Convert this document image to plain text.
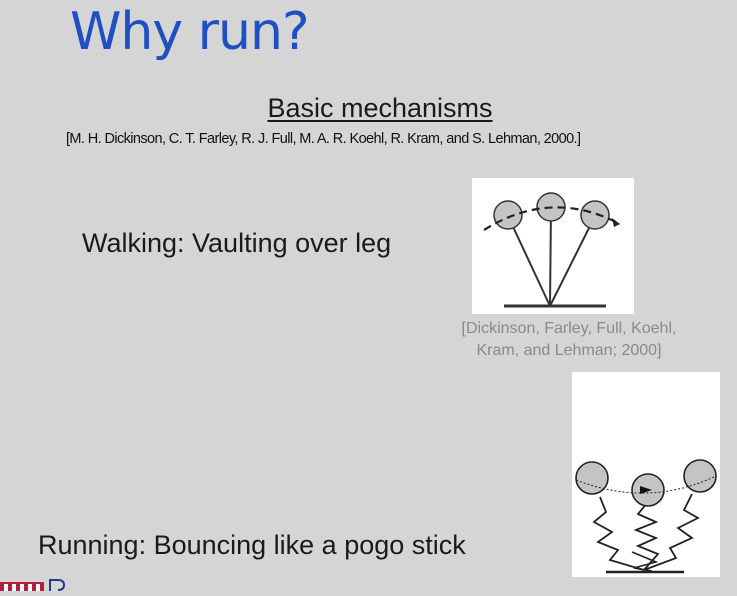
Why run?
Basic mechanisms
[M. H. Dickinson, C. T. Farley, R. J. Full, M. A. R. Koehl, R. Kram, and S. Lehman, 2000.]
Walking: Vaulting over leg
[Dickinson, Farley, Full, Koehl,
Kram, and Lehman; 2000]
Running: Bouncing like a pogo stick
